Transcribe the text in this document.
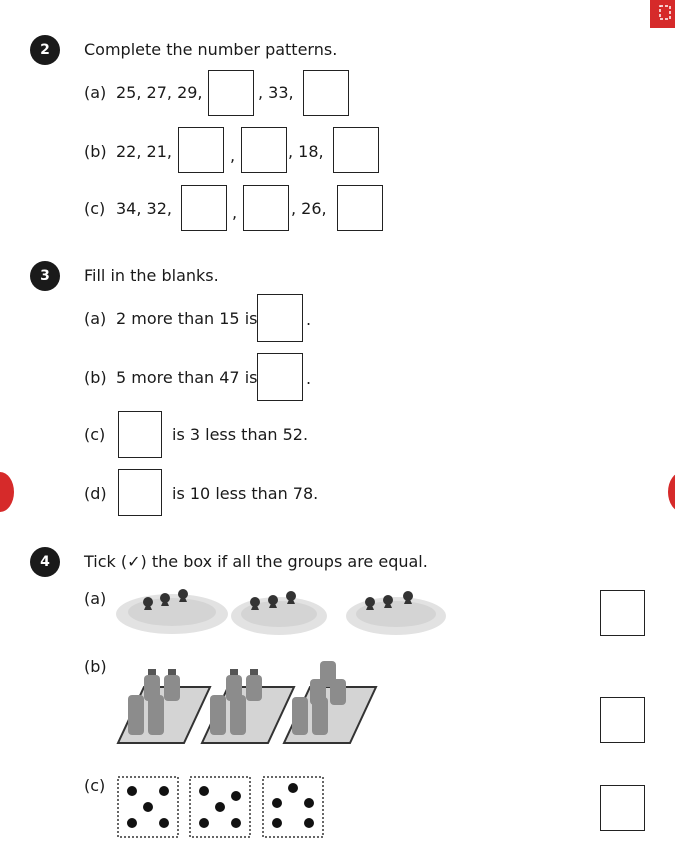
2	Complete the number patterns.
(a) 25, 27, 29,	, 33,
(b) 22, 21,	,	, 18,
(c) 34, 32,	,	, 26,
3	Fill in the blanks.
(a) 2 more than 15 is	.
(b) 5 more than 47 is	.
(c)	is 3 less than 52.
(d)	is 10 less than 78.
4	Tick (✓) the box if all the groups are equal.
(a)
(b)
(c)
